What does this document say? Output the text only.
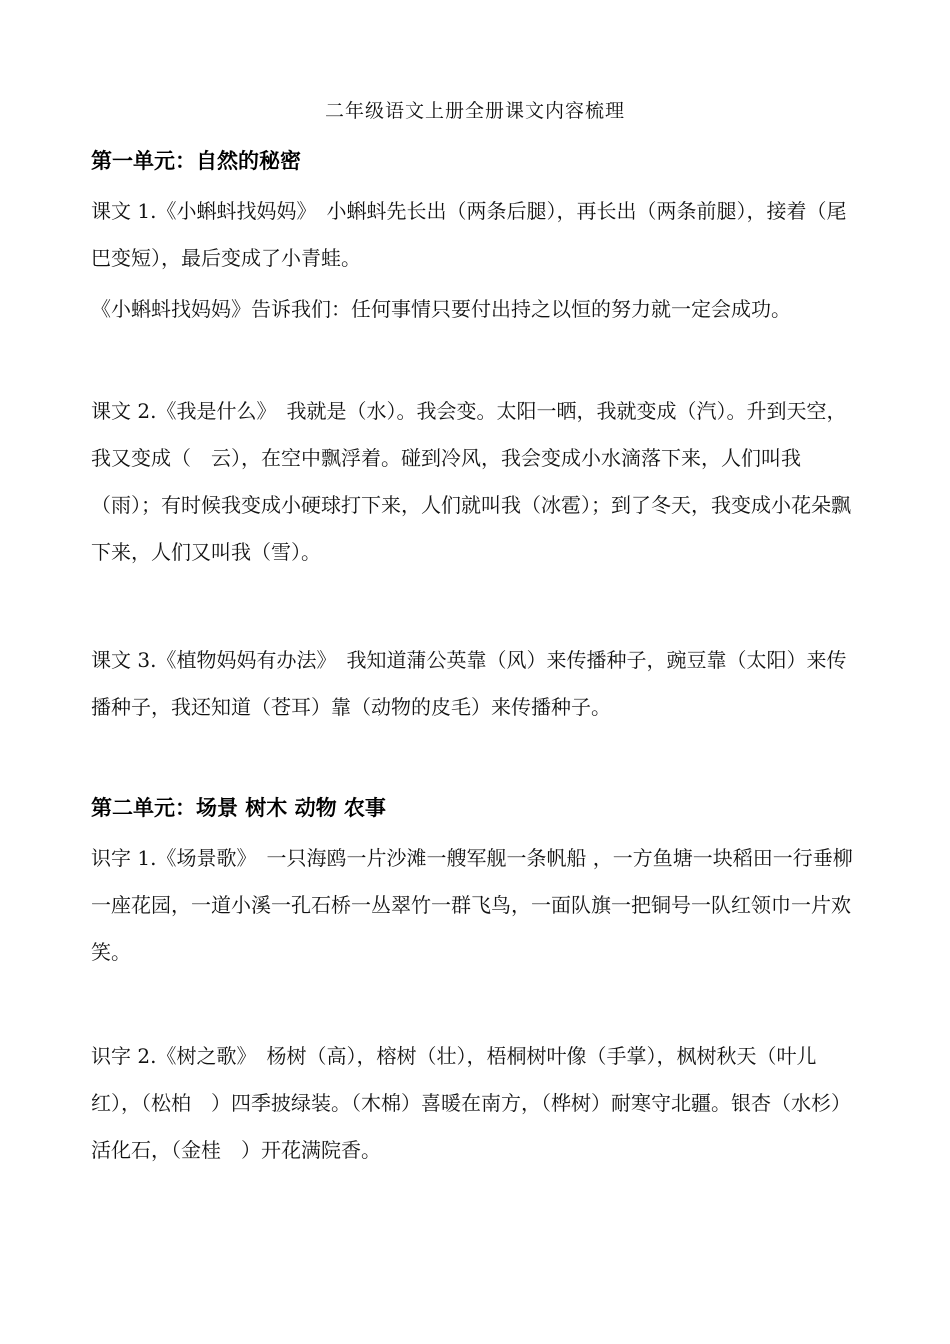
二年级语文上册全册课文内容梳理
第一单元：自然的秘密
课文 1.《小蝌蚪找妈妈》　小蝌蚪先长出（两条后腿），再长出（两条前腿），接着（尾巴变短），最后变成了小青蛙。
《小蝌蚪找妈妈》告诉我们：任何事情只要付出持之以恒的努力就一定会成功。
课文 2.《我是什么》　我就是（水）。我会变。太阳一晒，我就变成（汽）。升到天空，我又变成（　云），在空中飘浮着。碰到冷风，我会变成小水滴落下来，人们叫我（雨）；有时候我变成小硬球打下来，人们就叫我（冰雹）；到了冬天，我变成小花朵飘下来，人们又叫我（雪）。
课文 3.《植物妈妈有办法》　我知道蒲公英靠（风）来传播种子，豌豆靠（太阳）来传播种子，我还知道（苍耳）靠（动物的皮毛）来传播种子。
第二单元：场景 树木 动物 农事
识字 1.《场景歌》　一只海鸥一片沙滩一艘军舰一条帆船 ，一方鱼塘一块稻田一行垂柳一座花园，一道小溪一孔石桥一丛翠竹一群飞鸟，一面队旗一把铜号一队红领巾一片欢笑。
识字 2.《树之歌》　杨树（高），榕树（壮），梧桐树叶像（手掌），枫树秋天（叶儿红），（松柏　）四季披绿装。（木棉）喜暖在南方，（桦树）耐寒守北疆。银杏（水杉）活化石，（金桂　）开花满院香。
